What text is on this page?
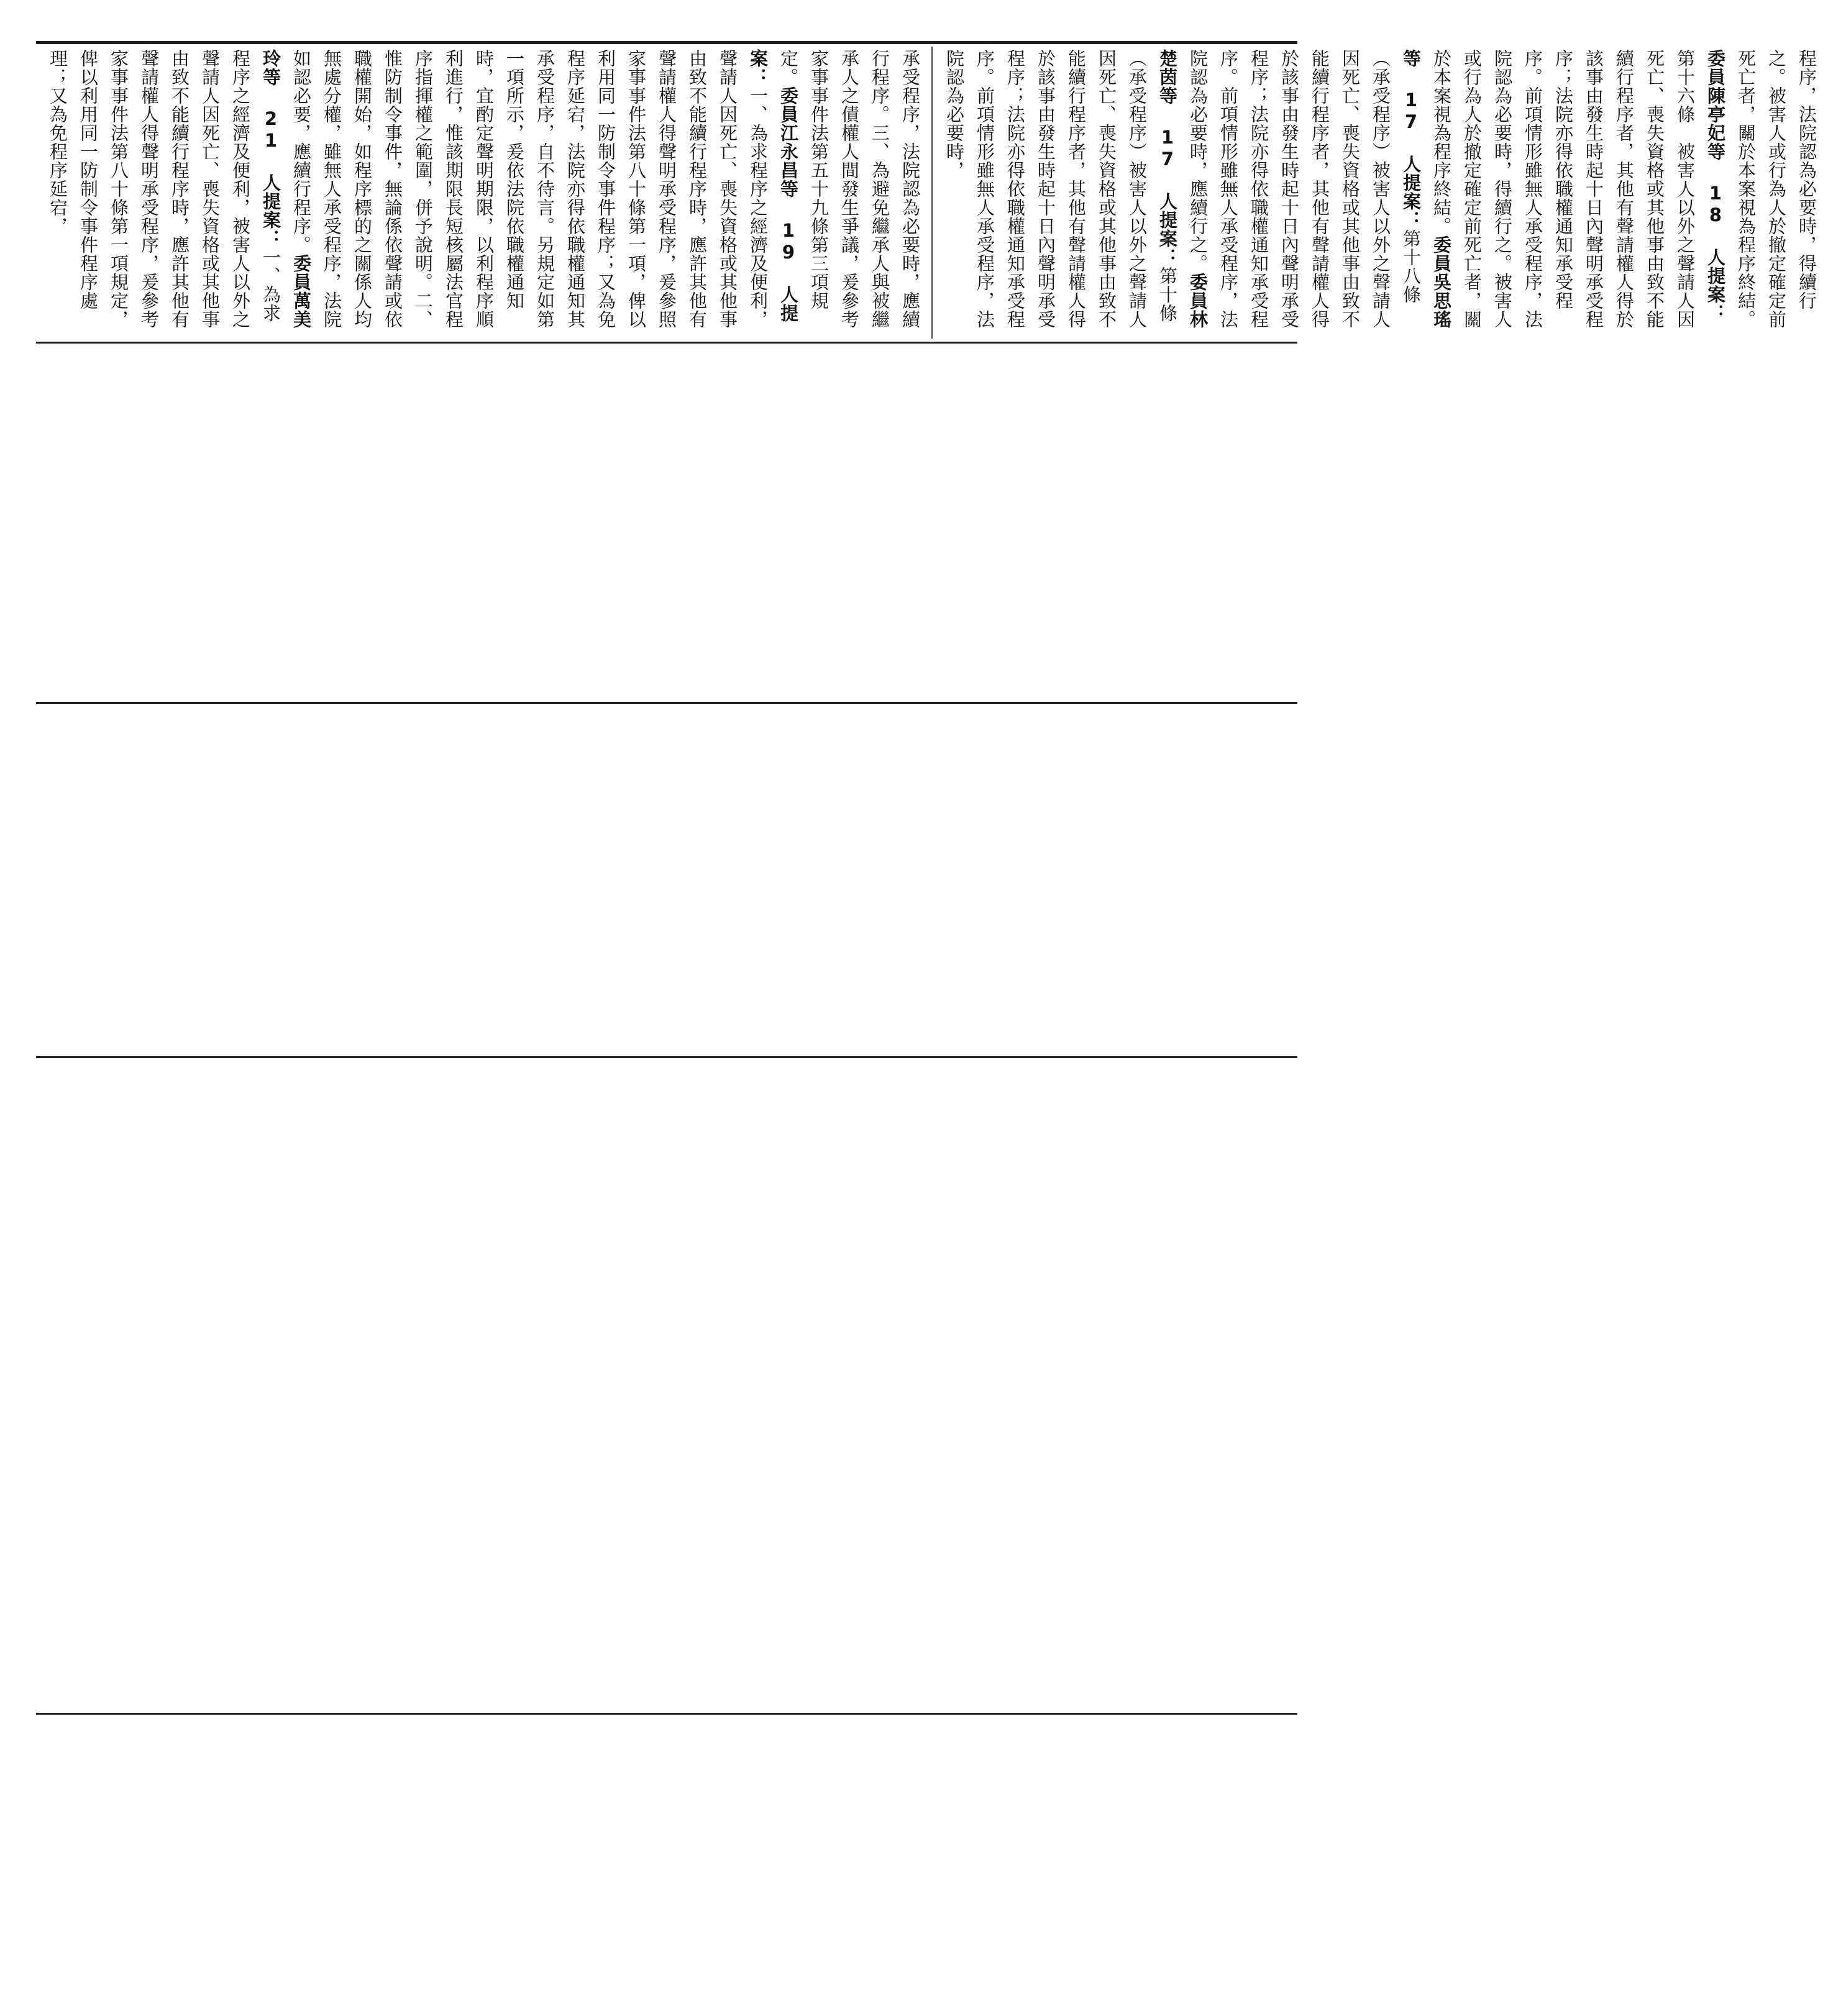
承受程序，法院認為必要時，應續行程序。三、為避免繼承人與被繼承人之債權人間發生爭議，爰參考家事事件法第五十九條第三項規定。委員江永昌等 19 人提案：一、為求程序之經濟及便利，聲請人因死亡、喪失資格或其他事由致不能續行程序時，應許其他有聲請權人得聲明承受程序，爰參照家事事件法第八十條第一項，俾以利用同一防制令事件程序；又為免程序延宕，法院亦得依職權通知其承受程序，自不待言。另規定如第一項所示，爰依法院依職權通知時，宜酌定聲明期限，以利程序順利進行，惟該期限長短核屬法官程序指揮權之範圍，併予說明。二、惟防制令事件，無論係依聲請或依職權開始，如程序標的之關係人均無處分權，雖無人承受程序，法院如認必要，應續行程序。委員萬美玲等 21 人提案：一、為求程序之經濟及便利，被害人以外之聲請人因死亡、喪失資格或其他事由致不能續行程序時，應許其他有聲請權人得聲明承受程序，爰參考家事事件法第八十條第一項規定，俾以利用同一防制令事件程序處理；又為免程序延宕，	程序，法院認為必要時，得續行之。被害人或行為人於撤定確定前死亡者，關於本案視為程序終結。委員陳亭妃等 18 人提案：第十六條　被害人以外之聲請人因死亡、喪失資格或其他事由致不能續行程序者，其他有聲請權人得於該事由發生時起十日內聲明承受程序；法院亦得依職權通知承受程序。前項情形雖無人承受程序，法院認為必要時，得續行之。被害人或行為人於撤定確定前死亡者，關於本案視為程序終結。委員吳思瑤等 17 人提案：第十八條　（承受程序）被害人以外之聲請人因死亡、喪失資格或其他事由致不能續行程序者，其他有聲請權人得於該事由發生時起十日內聲明承受程序；法院亦得依職權通知承受程序。前項情形雖無人承受程序，法院認為必要時，應續行之。委員林楚茵等 17 人提案：第十條　（承受程序）被害人以外之聲請人因死亡、喪失資格或其他事由致不能續行程序者，其他有聲請權人得於該事由發生時起十日內聲明承受程序；法院亦得依職權通知承受程序。前項情形雖無人承受程序，法院認為必要時，
